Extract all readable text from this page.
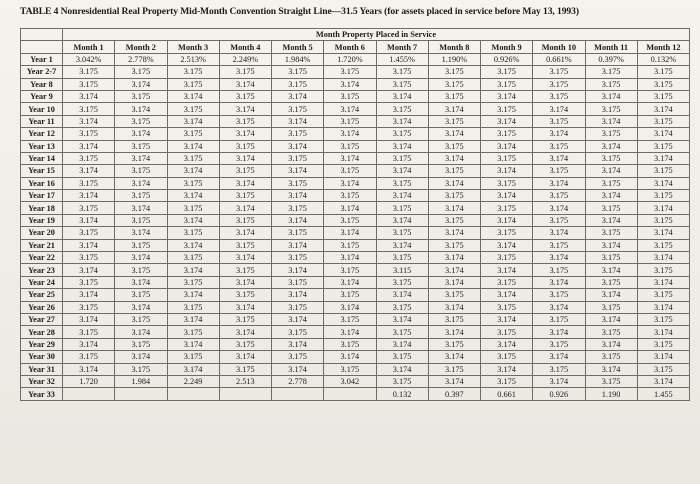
TABLE 4 Nonresidential Real Property Mid-Month Convention Straight Line—31.5 Years (for assets placed in service before May 13, 1993)
	Month Property Placed in Service											
	Month 1	Month 2	Month 3	Month 4	Month 5	Month 6	Month 7	Month 8	Month 9	Month 10	Month 11	Month 12
Year 1	3.042%	2.778%	2.513%	2.249%	1.984%	1.720%	1.455%	1.190%	0.926%	0.661%	0.397%	0.132%
Year 2-7	3.175	3.175	3.175	3.175	3.175	3.175	3.175	3.175	3.175	3.175	3.175	3.175
Year 8	3.175	3.174	3.175	3.174	3.175	3.174	3.175	3.175	3.175	3.175	3.175	3.175
Year 9	3.174	3.175	3.174	3.175	3.174	3.175	3.174	3.175	3.174	3.175	3.174	3.175
Year 10	3.175	3.174	3.175	3.174	3.175	3.174	3.175	3.174	3.175	3.174	3.175	3.174
Year 11	3.174	3.175	3.174	3.175	3.174	3.175	3.174	3.175	3.174	3.175	3.174	3.175
Year 12	3.175	3.174	3.175	3.174	3.175	3.174	3.175	3.174	3.175	3.174	3.175	3.174
Year 13	3.174	3.175	3.174	3.175	3.174	3.175	3.174	3.175	3.174	3.175	3.174	3.175
Year 14	3.175	3.174	3.175	3.174	3.175	3.174	3.175	3.174	3.175	3.174	3.175	3.174
Year 15	3.174	3.175	3.174	3.175	3.174	3.175	3.174	3.175	3.174	3.175	3.174	3.175
Year 16	3.175	3.174	3.175	3.174	3.175	3.174	3.175	3.174	3.175	3.174	3.175	3.174
Year 17	3.174	3.175	3.174	3.175	3.174	3.175	3.174	3.175	3.174	3.175	3.174	3.175
Year 18	3.175	3.174	3.175	3.174	3.175	3.174	3.175	3.174	3.175	3.174	3.175	3.174
Year 19	3.174	3.175	3.174	3.175	3.174	3.175	3.174	3.175	3.174	3.175	3.174	3.175
Year 20	3.175	3.174	3.175	3.174	3.175	3.174	3.175	3.174	3.175	3.174	3.175	3.174
Year 21	3.174	3.175	3.174	3.175	3.174	3.175	3.174	3.175	3.174	3.175	3.174	3.175
Year 22	3.175	3.174	3.175	3.174	3.175	3.174	3.175	3.174	3.175	3.174	3.175	3.174
Year 23	3.174	3.175	3.174	3.175	3.174	3.175	3.115	3.174	3.174	3.175	3.174	3.175
Year 24	3.175	3.174	3.175	3.174	3.175	3.174	3.175	3.174	3.175	3.174	3.175	3.174
Year 25	3.174	3.175	3.174	3.175	3.174	3.175	3.174	3.175	3.174	3.175	3.174	3.175
Year 26	3.175	3.174	3.175	3.174	3.175	3.174	3.175	3.174	3.175	3.174	3.175	3.174
Year 27	3.174	3.175	3.174	3.175	3.174	3.175	3.174	3.175	3.174	3.175	3.174	3.175
Year 28	3.175	3.174	3.175	3.174	3.175	3.174	3.175	3.174	3.175	3.174	3.175	3.174
Year 29	3.174	3.175	3.174	3.175	3.174	3.175	3.174	3.175	3.174	3.175	3.174	3.175
Year 30	3.175	3.174	3.175	3.174	3.175	3.174	3.175	3.174	3.175	3.174	3.175	3.174
Year 31	3.174	3.175	3.174	3.175	3.174	3.175	3.174	3.175	3.174	3.175	3.174	3.175
Year 32	1.720	1.984	2.249	2.513	2.778	3.042	3.175	3.174	3.175	3.174	3.175	3.174
Year 33							0.132	0.397	0.661	0.926	1.190	1.455
